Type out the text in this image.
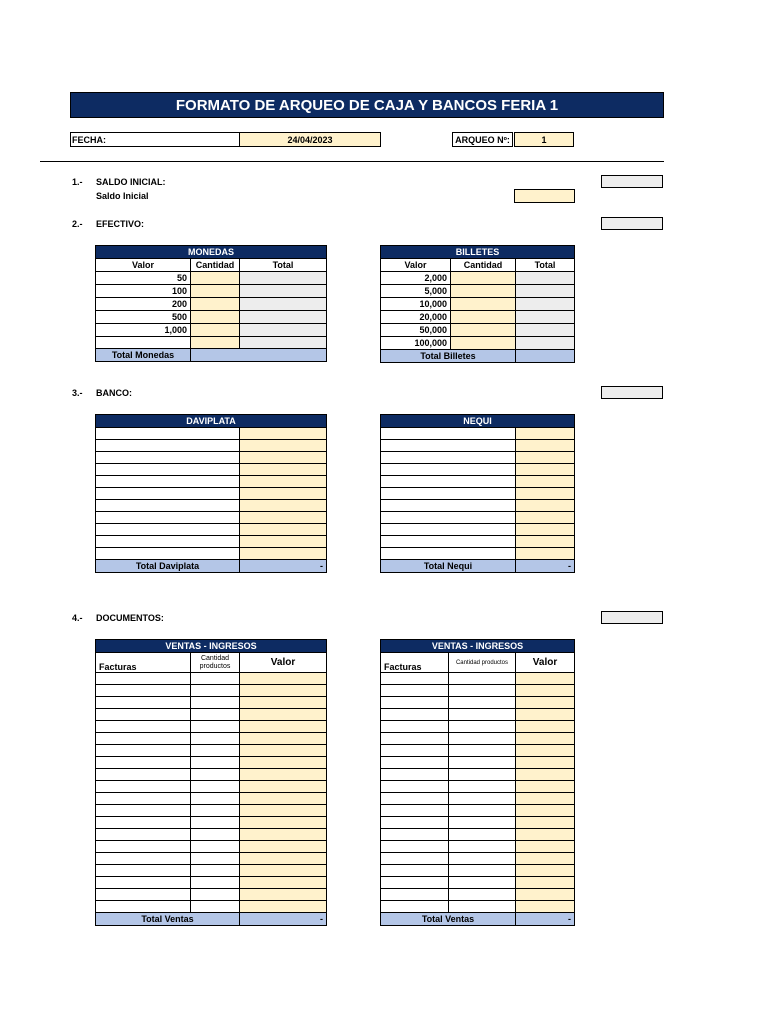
FORMATO DE ARQUEO DE CAJA Y BANCOS FERIA 1
FECHA:	24/04/2023	ARQUEO Nº:	1
1.- SALDO INICIAL:
Saldo Inicial
2.- EFECTIVO:
MONEDAS		
Valor	Cantidad	Total
50		
100		
200		
500		
1,000		

Total Monedas		
BILLETES		
Valor	Cantidad	Total
2,000		
5,000		
10,000		
20,000		
50,000		
100,000		
Total Billetes		
3.- BANCO:
DAVIPLATA	

Total Daviplata	-
NEQUI	

Total Nequi	-
4.- DOCUMENTOS:
VENTAS - INGRESOS		
Facturas	Cantidad productos	Valor

Total Ventas		-
VENTAS - INGRESOS		
Facturas	Cantidad productos	Valor

Total Ventas		-
